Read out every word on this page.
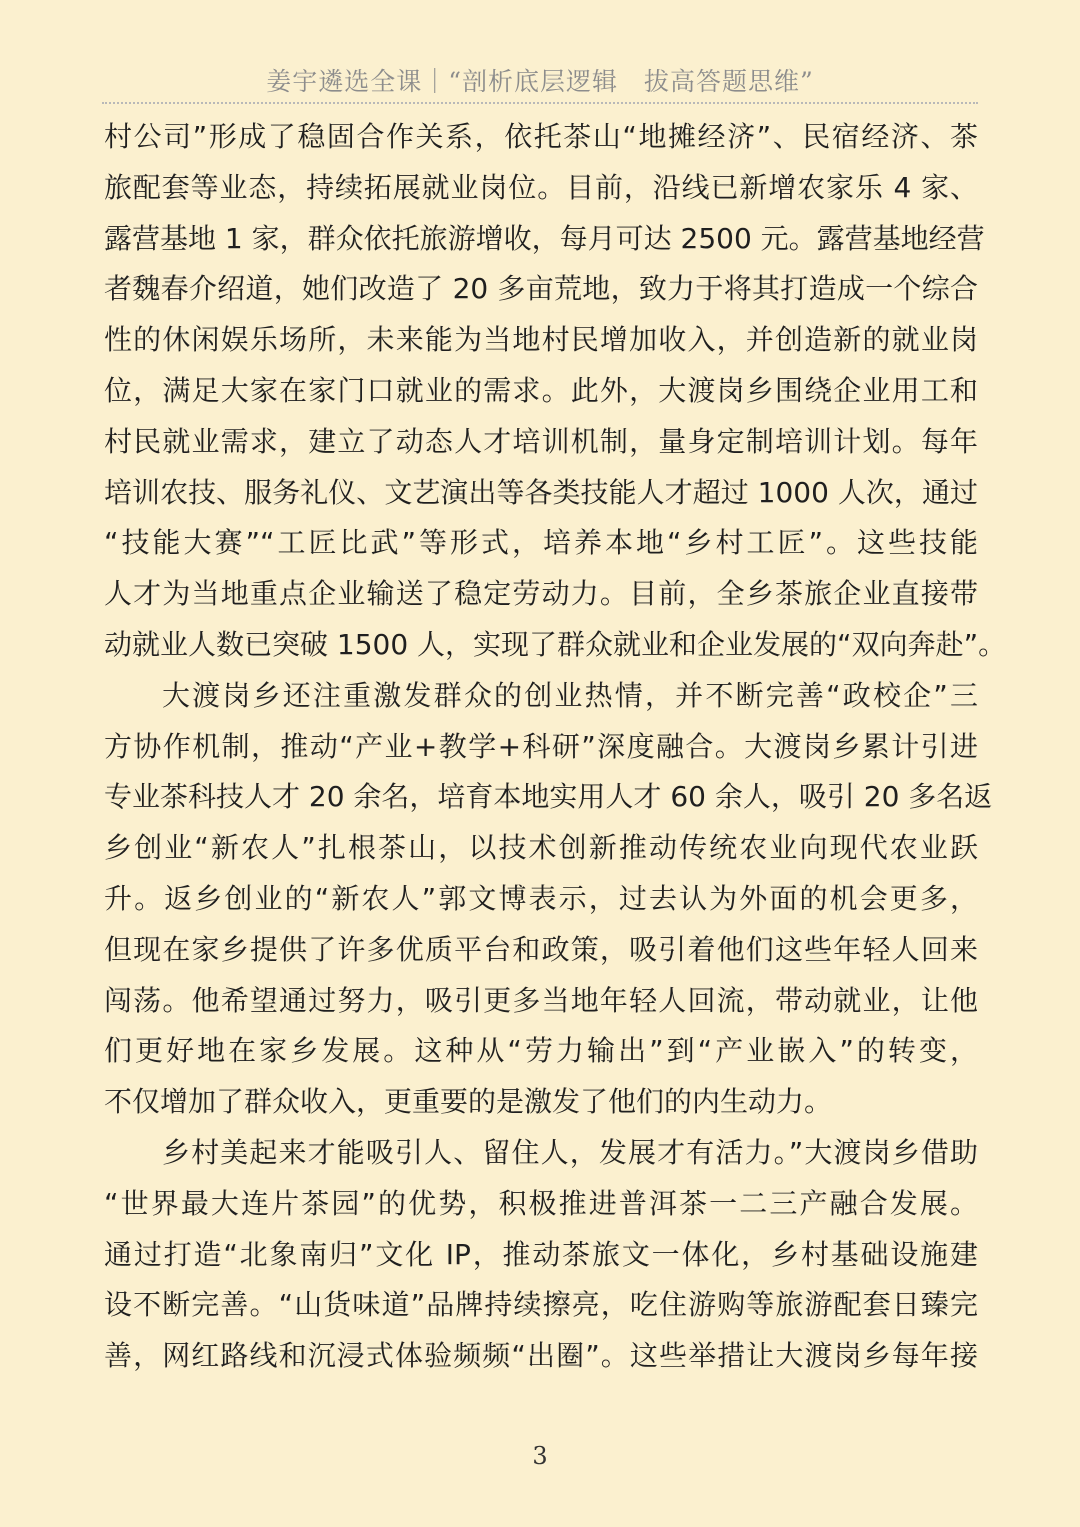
姜宇遴选全课｜“剖析底层逻辑　拔高答题思维”
村公司”形成了稳固合作关系，依托茶山“地摊经济”、民宿经济、茶
旅配套等业态，持续拓展就业岗位。目前，沿线已新增农家乐 4 家、
露营基地 1 家，群众依托旅游增收，每月可达 2500 元。露营基地经营
者魏春介绍道，她们改造了 20 多亩荒地，致力于将其打造成一个综合
性的休闲娱乐场所，未来能为当地村民增加收入，并创造新的就业岗
位，满足大家在家门口就业的需求。此外，大渡岗乡围绕企业用工和
村民就业需求，建立了动态人才培训机制，量身定制培训计划。每年
培训农技、服务礼仪、文艺演出等各类技能人才超过 1000 人次，通过
“技能大赛”“工匠比武”等形式，培养本地“乡村工匠”。这些技能
人才为当地重点企业输送了稳定劳动力。目前，全乡茶旅企业直接带
动就业人数已突破 1500 人，实现了群众就业和企业发展的“双向奔赴”。
大渡岗乡还注重激发群众的创业热情，并不断完善“政校企”三
方协作机制，推动“产业+教学+科研”深度融合。大渡岗乡累计引进
专业茶科技人才 20 余名，培育本地实用人才 60 余人，吸引 20 多名返
乡创业“新农人”扎根茶山，以技术创新推动传统农业向现代农业跃
升。返乡创业的“新农人”郭文博表示，过去认为外面的机会更多，
但现在家乡提供了许多优质平台和政策，吸引着他们这些年轻人回来
闯荡。他希望通过努力，吸引更多当地年轻人回流，带动就业，让他
们更好地在家乡发展。这种从“劳力输出”到“产业嵌入”的转变，
不仅增加了群众收入，更重要的是激发了他们的内生动力。
乡村美起来才能吸引人、留住人，发展才有活力。”大渡岗乡借助
“世界最大连片茶园”的优势，积极推进普洱茶一二三产融合发展。
通过打造“北象南归”文化 IP，推动茶旅文一体化，乡村基础设施建
设不断完善。“山货味道”品牌持续擦亮，吃住游购等旅游配套日臻完
善，网红路线和沉浸式体验频频“出圈”。这些举措让大渡岗乡每年接
3
